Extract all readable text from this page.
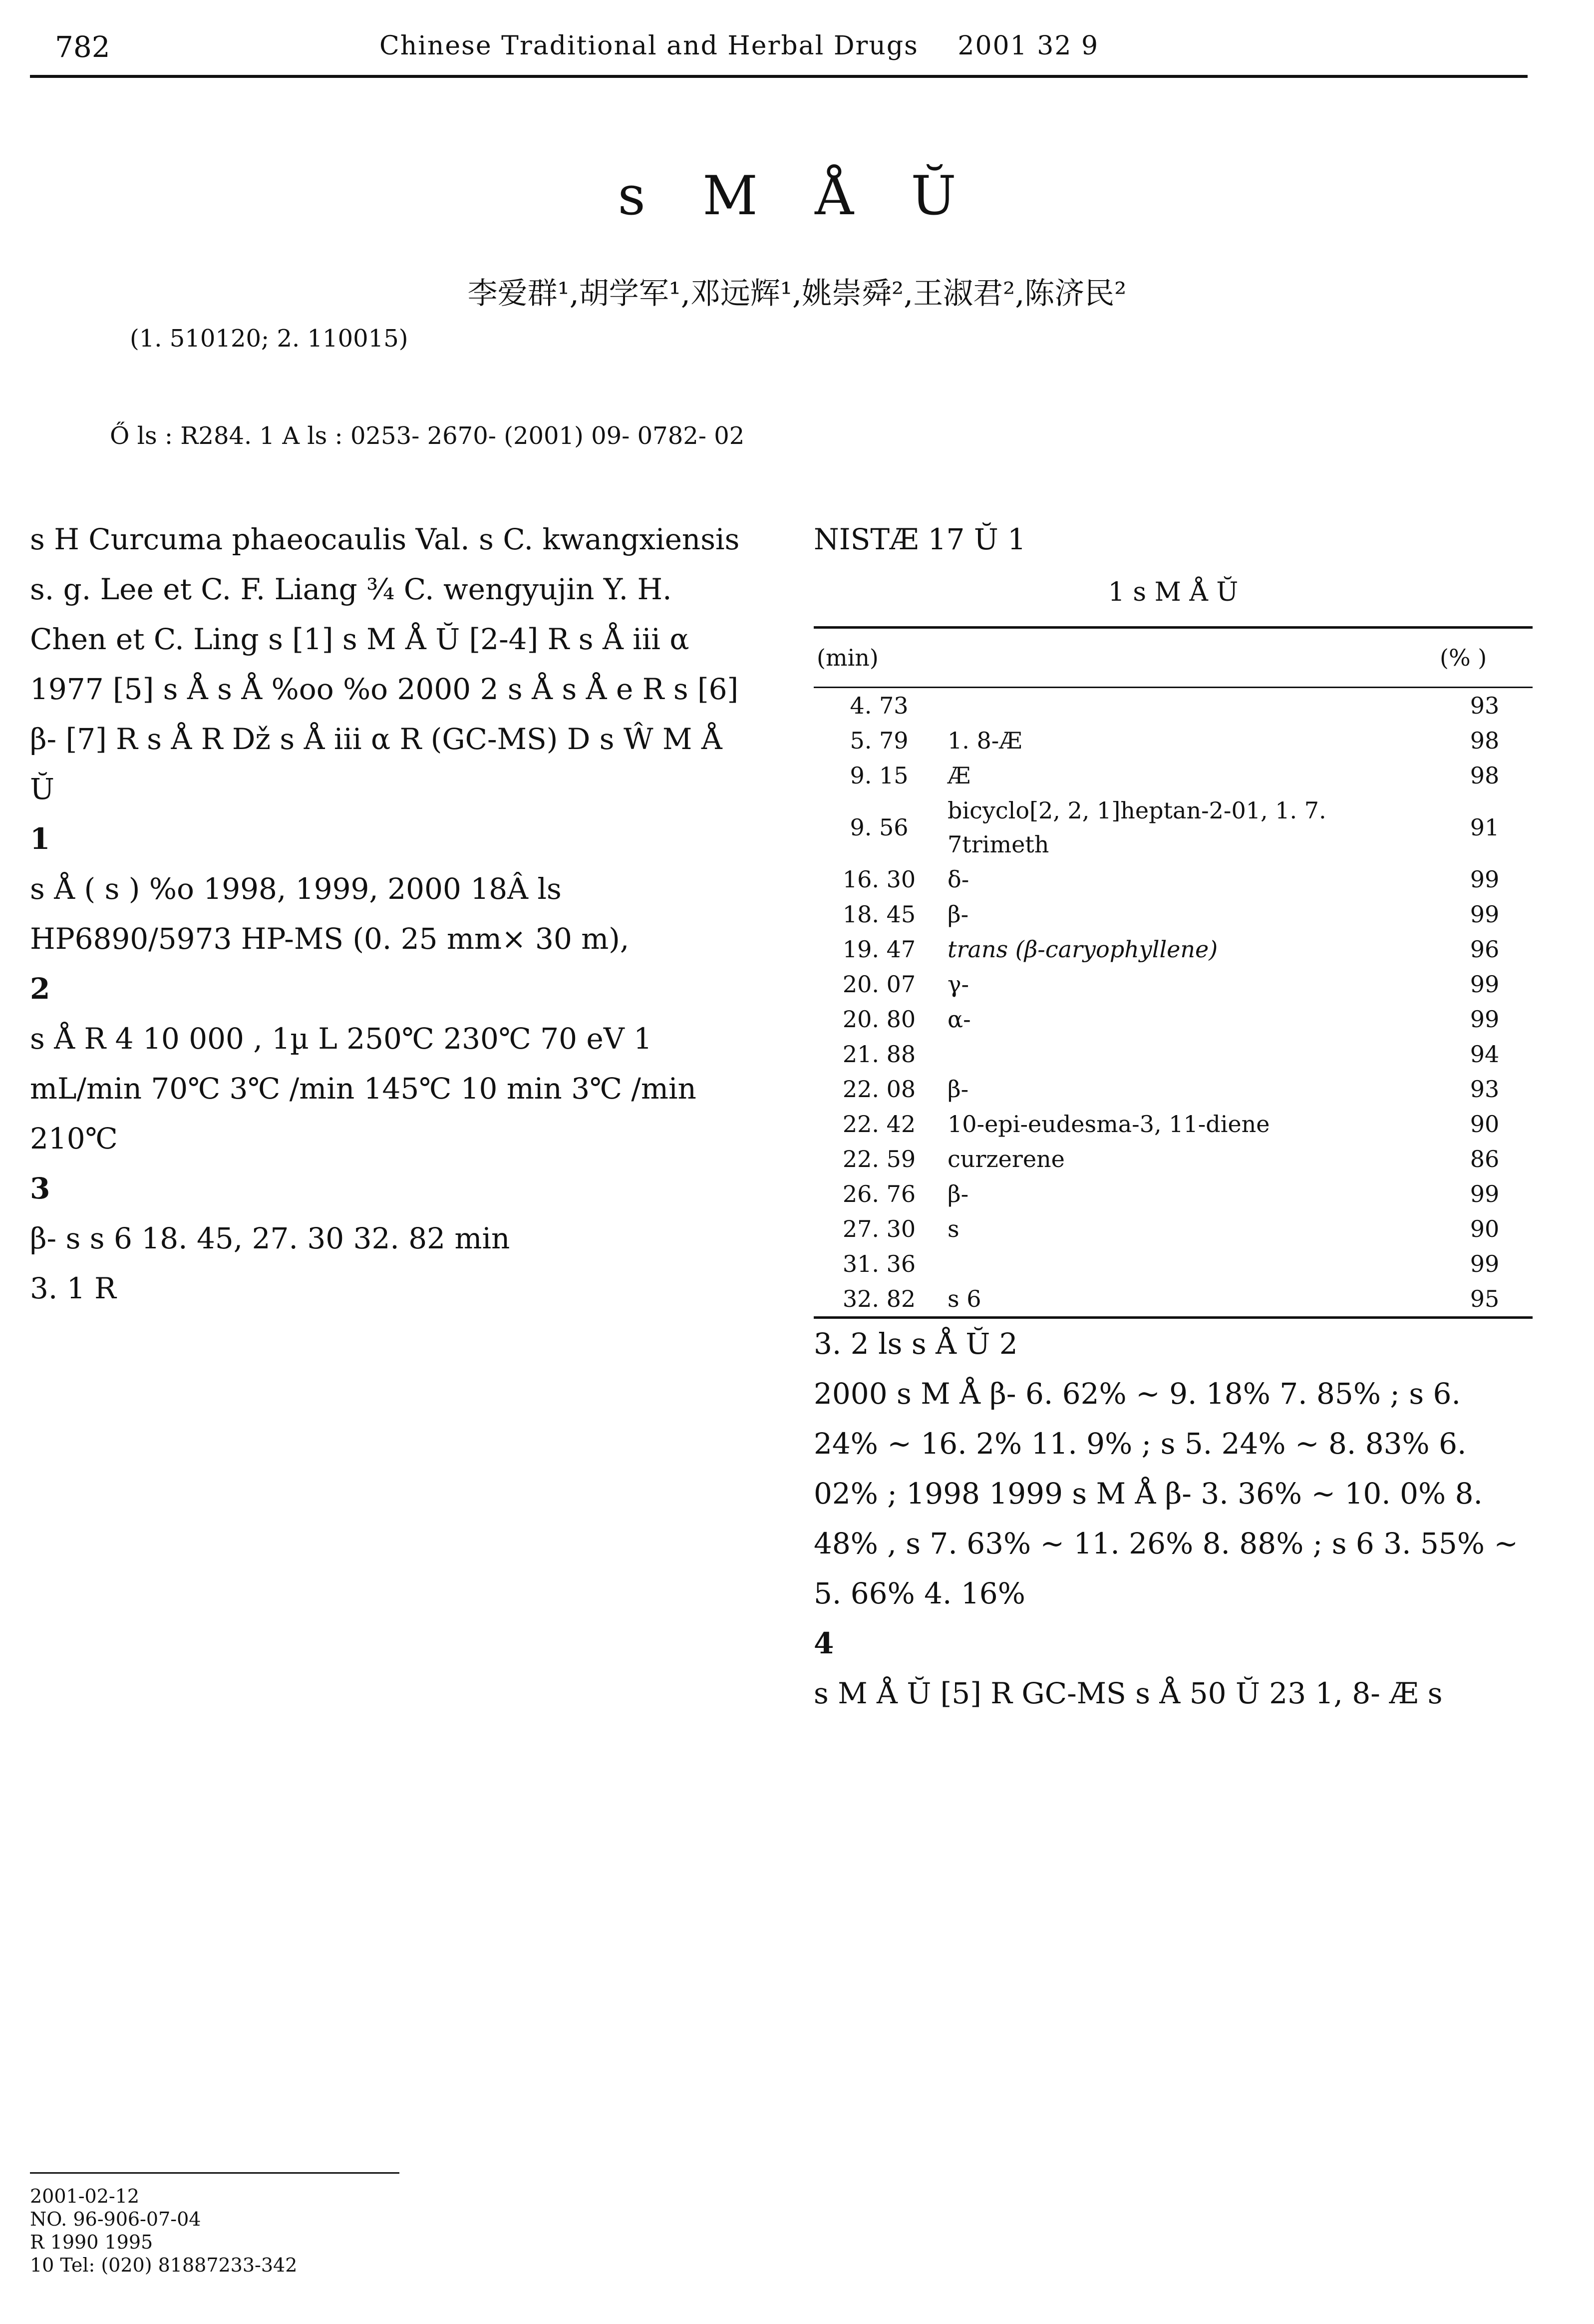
782	Chinese Traditional and Herbal Drugs 2001 32 9
s M Å Ŭ
李爱群¹,胡学军¹,邓远辉¹,姚崇舜²,王淑君²,陈济民²
(1. 510120; 2. 110015)
Ő ls : R284. 1 A ls : 0253- 2670- (2001) 09- 0782- 02

s H Curcuma phaeocaulis Val. s C. kwangxiensis s. g. Lee et C. F. Liang ¾ C. wengyujin Y. H. Chen et C. Ling s [1] s M Å Ŭ [2-4] R s Å iii α 1977 [5] s Å s Å %oo %o 2000 2 s Å s Å e R s [6] β- [7] R s Å R Dž s Å iii α R (GC-MS) D s Ŵ M Å Ŭ

1

s Å ( s ) %o 1998, 1999, 2000 18Â ls

HP6890/5973 HP-MS (0. 25 mm× 30 m),

2

s Å R 4 10 000 , 1µ L 250℃ 230℃ 70 eV 1 mL/min 70℃ 3℃ /min 145℃ 10 min 3℃ /min 210℃

3

β- s s 6 18. 45, 27. 30 32. 82 min

3. 1 R

NISTÆ 17 Ŭ 1

1 s M Å Ŭ
(min)		(% )
4. 73		93
5. 79	1. 8-Æ	98
9. 15	Æ	98
9. 56	bicyclo[2, 2, 1]heptan-2-01, 1. 7. 7trimeth	91
16. 30	δ-	99
18. 45	β-	99
19. 47	trans (β-caryophyllene)	96
20. 07	γ-	99
20. 80	α-	99
21. 88		94
22. 08	β-	93
22. 42	10-epi-eudesma-3, 11-diene	90
22. 59	curzerene	86
26. 76	β-	99
27. 30	s	90
31. 36		99
32. 82	s 6	95

3. 2 ls s Å Ŭ 2

2000 s M Å β- 6. 62% ~ 9. 18% 7. 85% ; s 6. 24% ~ 16. 2% 11. 9% ; s 5. 24% ~ 8. 83% 6. 02% ; 1998 1999 s M Å β- 3. 36% ~ 10. 0% 8. 48% , s 7. 63% ~ 11. 26% 8. 88% ; s 6 3. 55% ~ 5. 66% 4. 16%

4

s M Å Ŭ [5] R GC-MS s Å 50 Ŭ 23 1, 8- Æ s

2001-02-12
NO. 96-906-07-04
R 1990 1995
10 Tel: (020) 81887233-342
